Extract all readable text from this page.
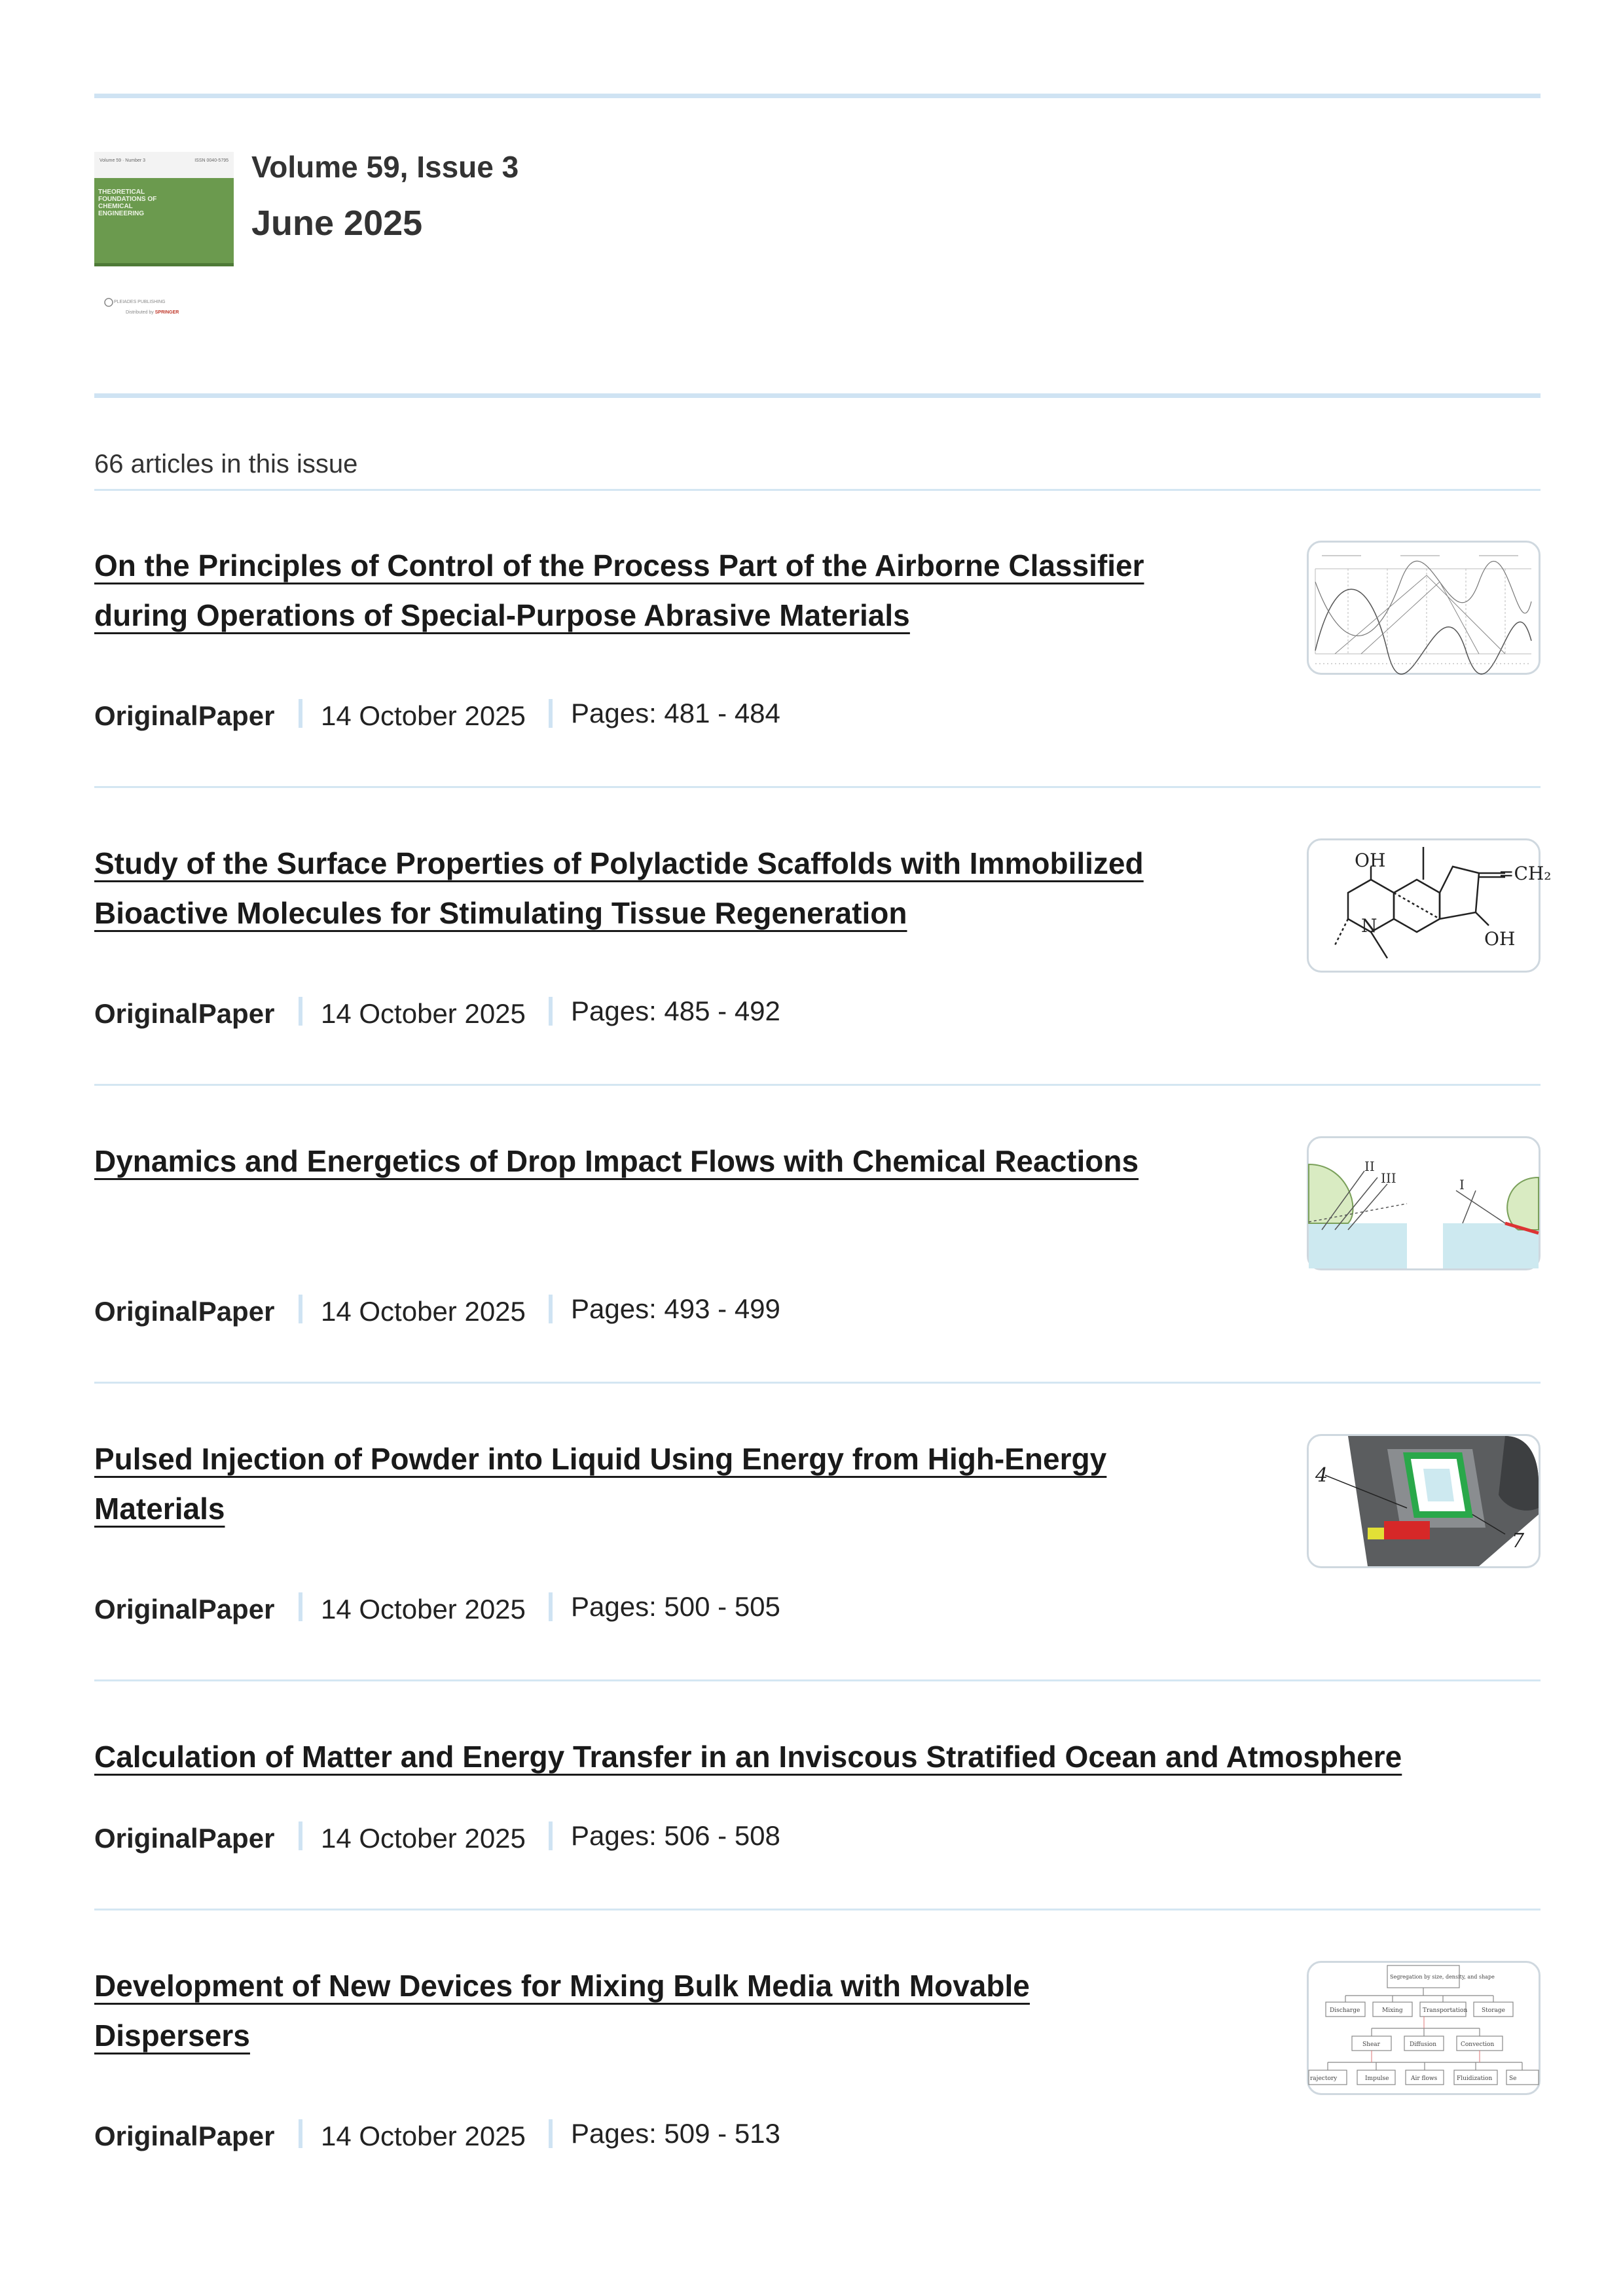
Volume 59 · Number 3	ISSN 0040-5795
THEORETICAL FOUNDATIONS OF CHEMICAL ENGINEERING
PLEIADES PUBLISHING
Distributed by SPRINGER
Volume 59, Issue 3
June 2025
66 articles in this issue
On the Principles of Control of the Process Part of the Airborne Classifier
during Operations of Special-Purpose Abrasive Materials
OriginalPaper 14 October 2025 Pages: 481 - 484
Study of the Surface Properties of Polylactide Scaffolds with Immobilized
Bioactive Molecules for Stimulating Tissue Regeneration
OriginalPaper 14 October 2025 Pages: 485 - 492
OH
=CH₂
N
OH
Dynamics and Energetics of Drop Impact Flows with Chemical Reactions
OriginalPaper 14 October 2025 Pages: 493 - 499
II
III	I
Pulsed Injection of Powder into Liquid Using Energy from High-Energy
Materials
OriginalPaper 14 October 2025 Pages: 500 - 505
4
7
Calculation of Matter and Energy Transfer in an Inviscous Stratified Ocean and Atmosphere
OriginalPaper 14 October 2025 Pages: 506 - 508
Development of New Devices for Mixing Bulk Media with Movable
Dispersers
OriginalPaper 14 October 2025 Pages: 509 - 513
Segregation by size, density, and shape
Discharge	Mixing	Transportation Storage
Shear	Diffusion	Convection
rajectory	Impulse	Air flows	Fluidization	Se
